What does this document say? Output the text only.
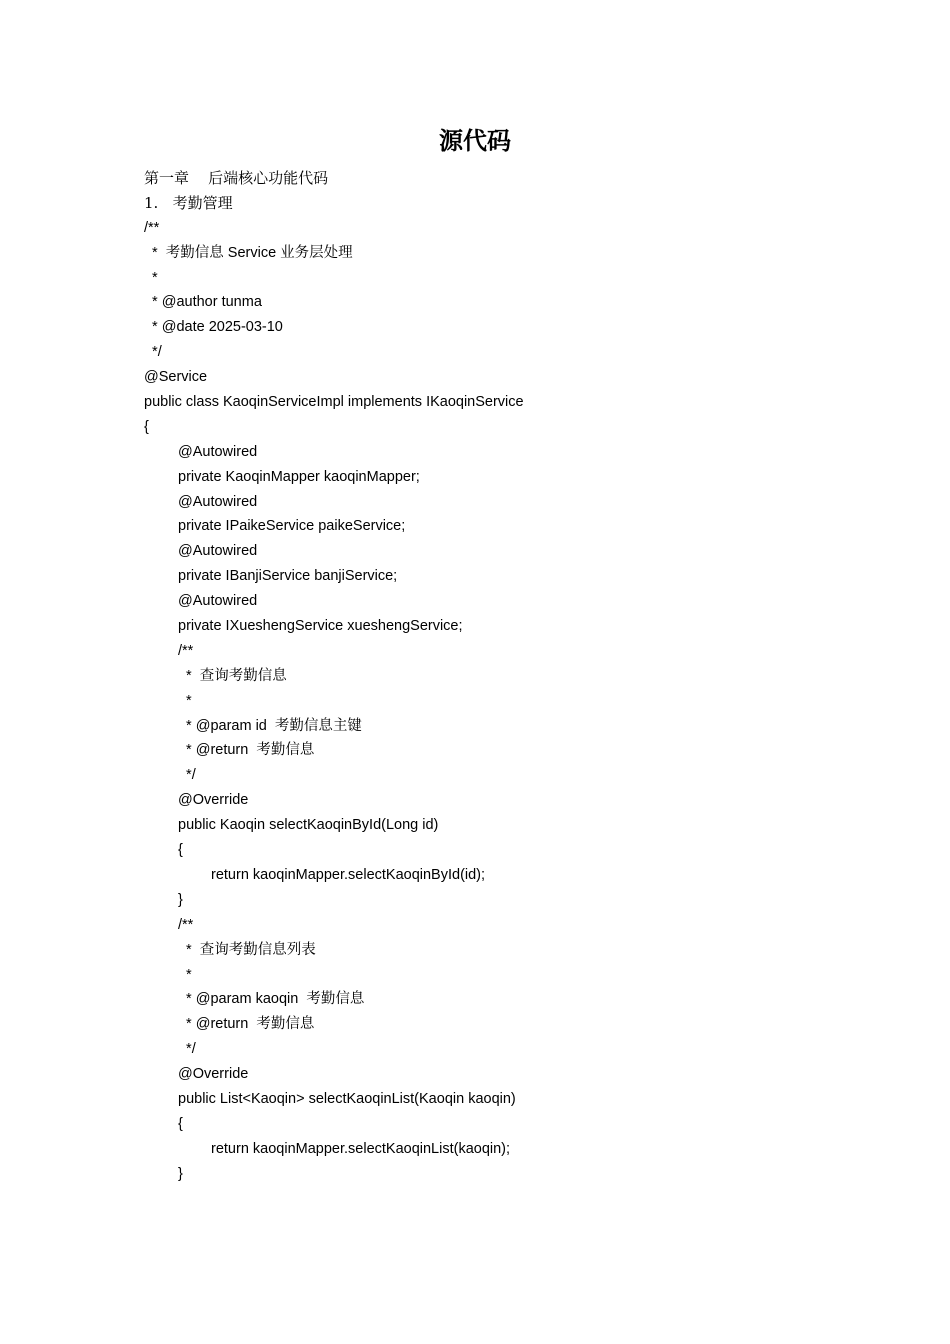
源代码
第一章    后端核心功能代码
1.   考勤管理
/**
*  考勤信息 Service 业务层处理
*
* @author tunma
* @date 2025-03-10
*/
@Service
public class KaoqinServiceImpl implements IKaoqinService
{
@Autowired
private KaoqinMapper kaoqinMapper;
@Autowired
private IPaikeService paikeService;
@Autowired
private IBanjiService banjiService;
@Autowired
private IXueshengService xueshengService;
/**
*  查询考勤信息
*
* @param id  考勤信息主键
* @return  考勤信息
*/
@Override
public Kaoqin selectKaoqinById(Long id)
{
return kaoqinMapper.selectKaoqinById(id);
}
/**
*  查询考勤信息列表
*
* @param kaoqin  考勤信息
* @return  考勤信息
*/
@Override
public List<Kaoqin> selectKaoqinList(Kaoqin kaoqin)
{
return kaoqinMapper.selectKaoqinList(kaoqin);
}
